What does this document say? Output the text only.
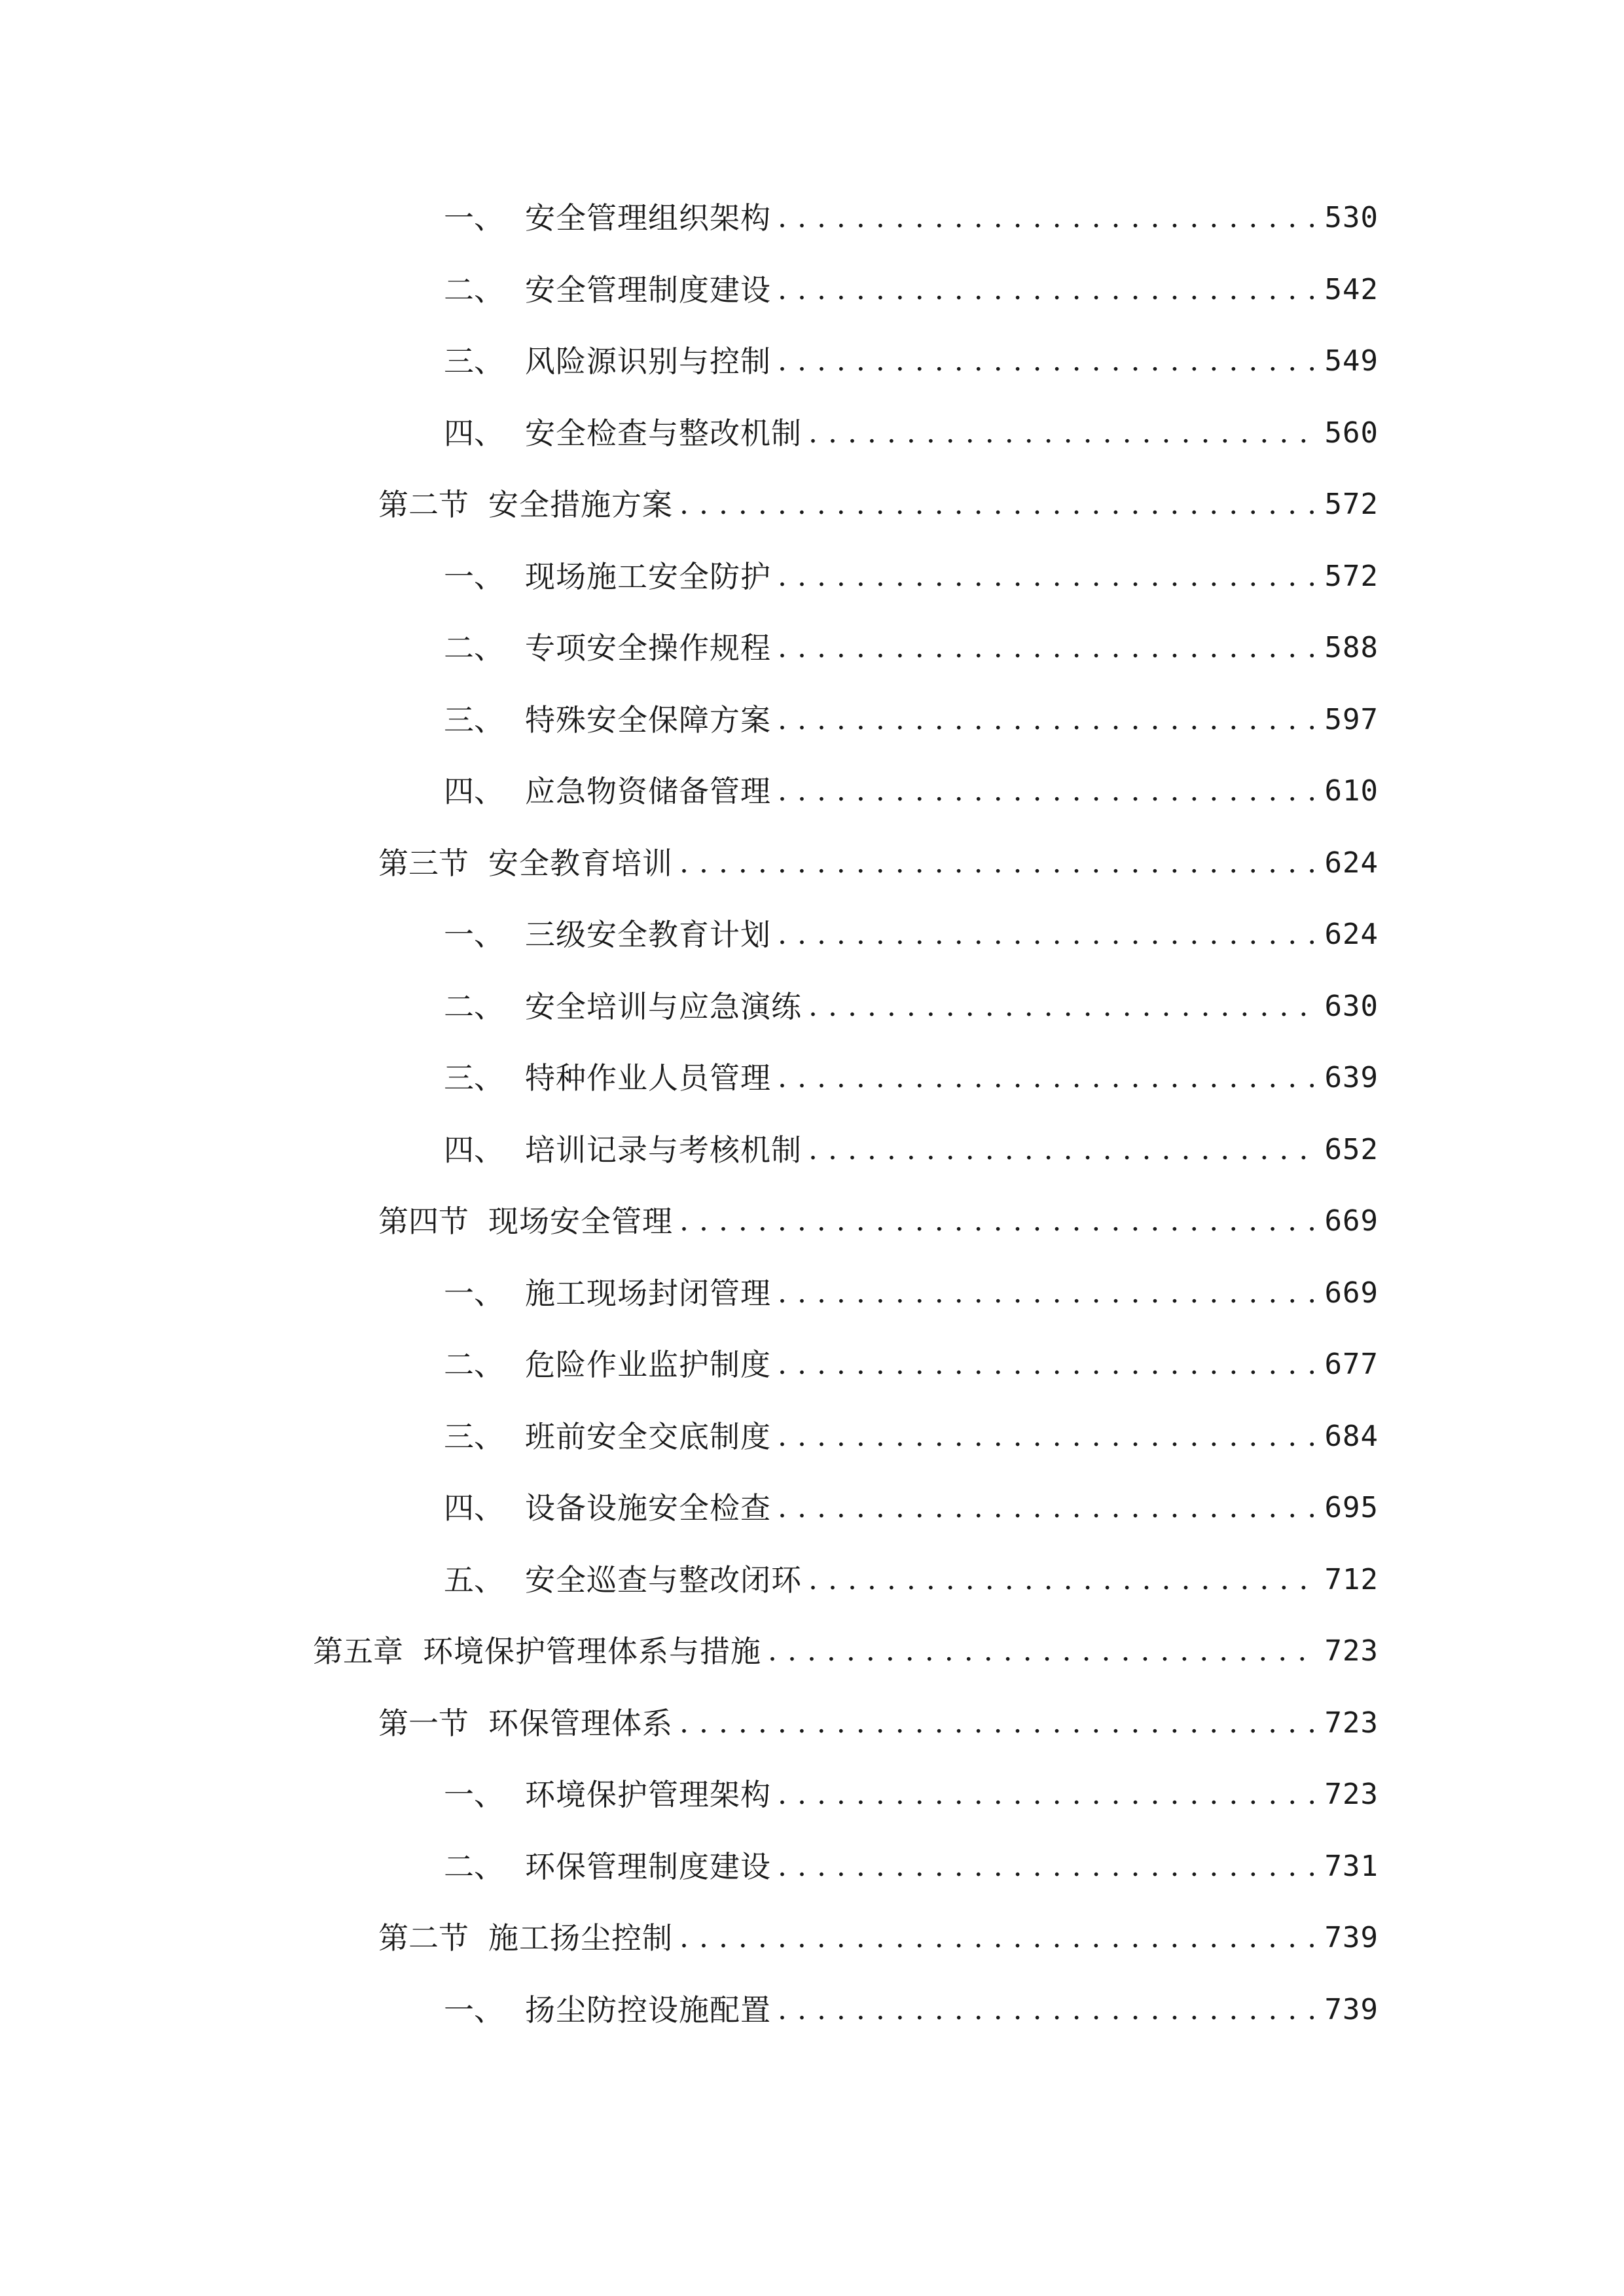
一、 安全管理组织架构 . . .	530
二、 安全管理制度建设 . . .	542
三、 风险源识别与控制 . . .	549
四、 安全检查与整改机制 . . .	560
第二节 安全措施方案 . . .	572
一、 现场施工安全防护 . . .	572
二、 专项安全操作规程 . . .	588
三、 特殊安全保障方案 . . .	597
四、 应急物资储备管理 . . .	610
第三节 安全教育培训 . . .	624
一、 三级安全教育计划 . . .	624
二、 安全培训与应急演练 . . .	630
三、 特种作业人员管理 . . .	639
四、 培训记录与考核机制 . . .	652
第四节 现场安全管理 . . .	669
一、 施工现场封闭管理 . . .	669
二、 危险作业监护制度 . . .	677
三、 班前安全交底制度 . . .	684
四、 设备设施安全检查 . . .	695
五、 安全巡查与整改闭环 . . .	712
第五章 环境保护管理体系与措施 . . .	723
第一节 环保管理体系 . . .	723
一、 环境保护管理架构 . . .	723
二、 环保管理制度建设 . . .	731
第二节 施工扬尘控制 . . .	739
一、 扬尘防控设施配置 . . .	739
